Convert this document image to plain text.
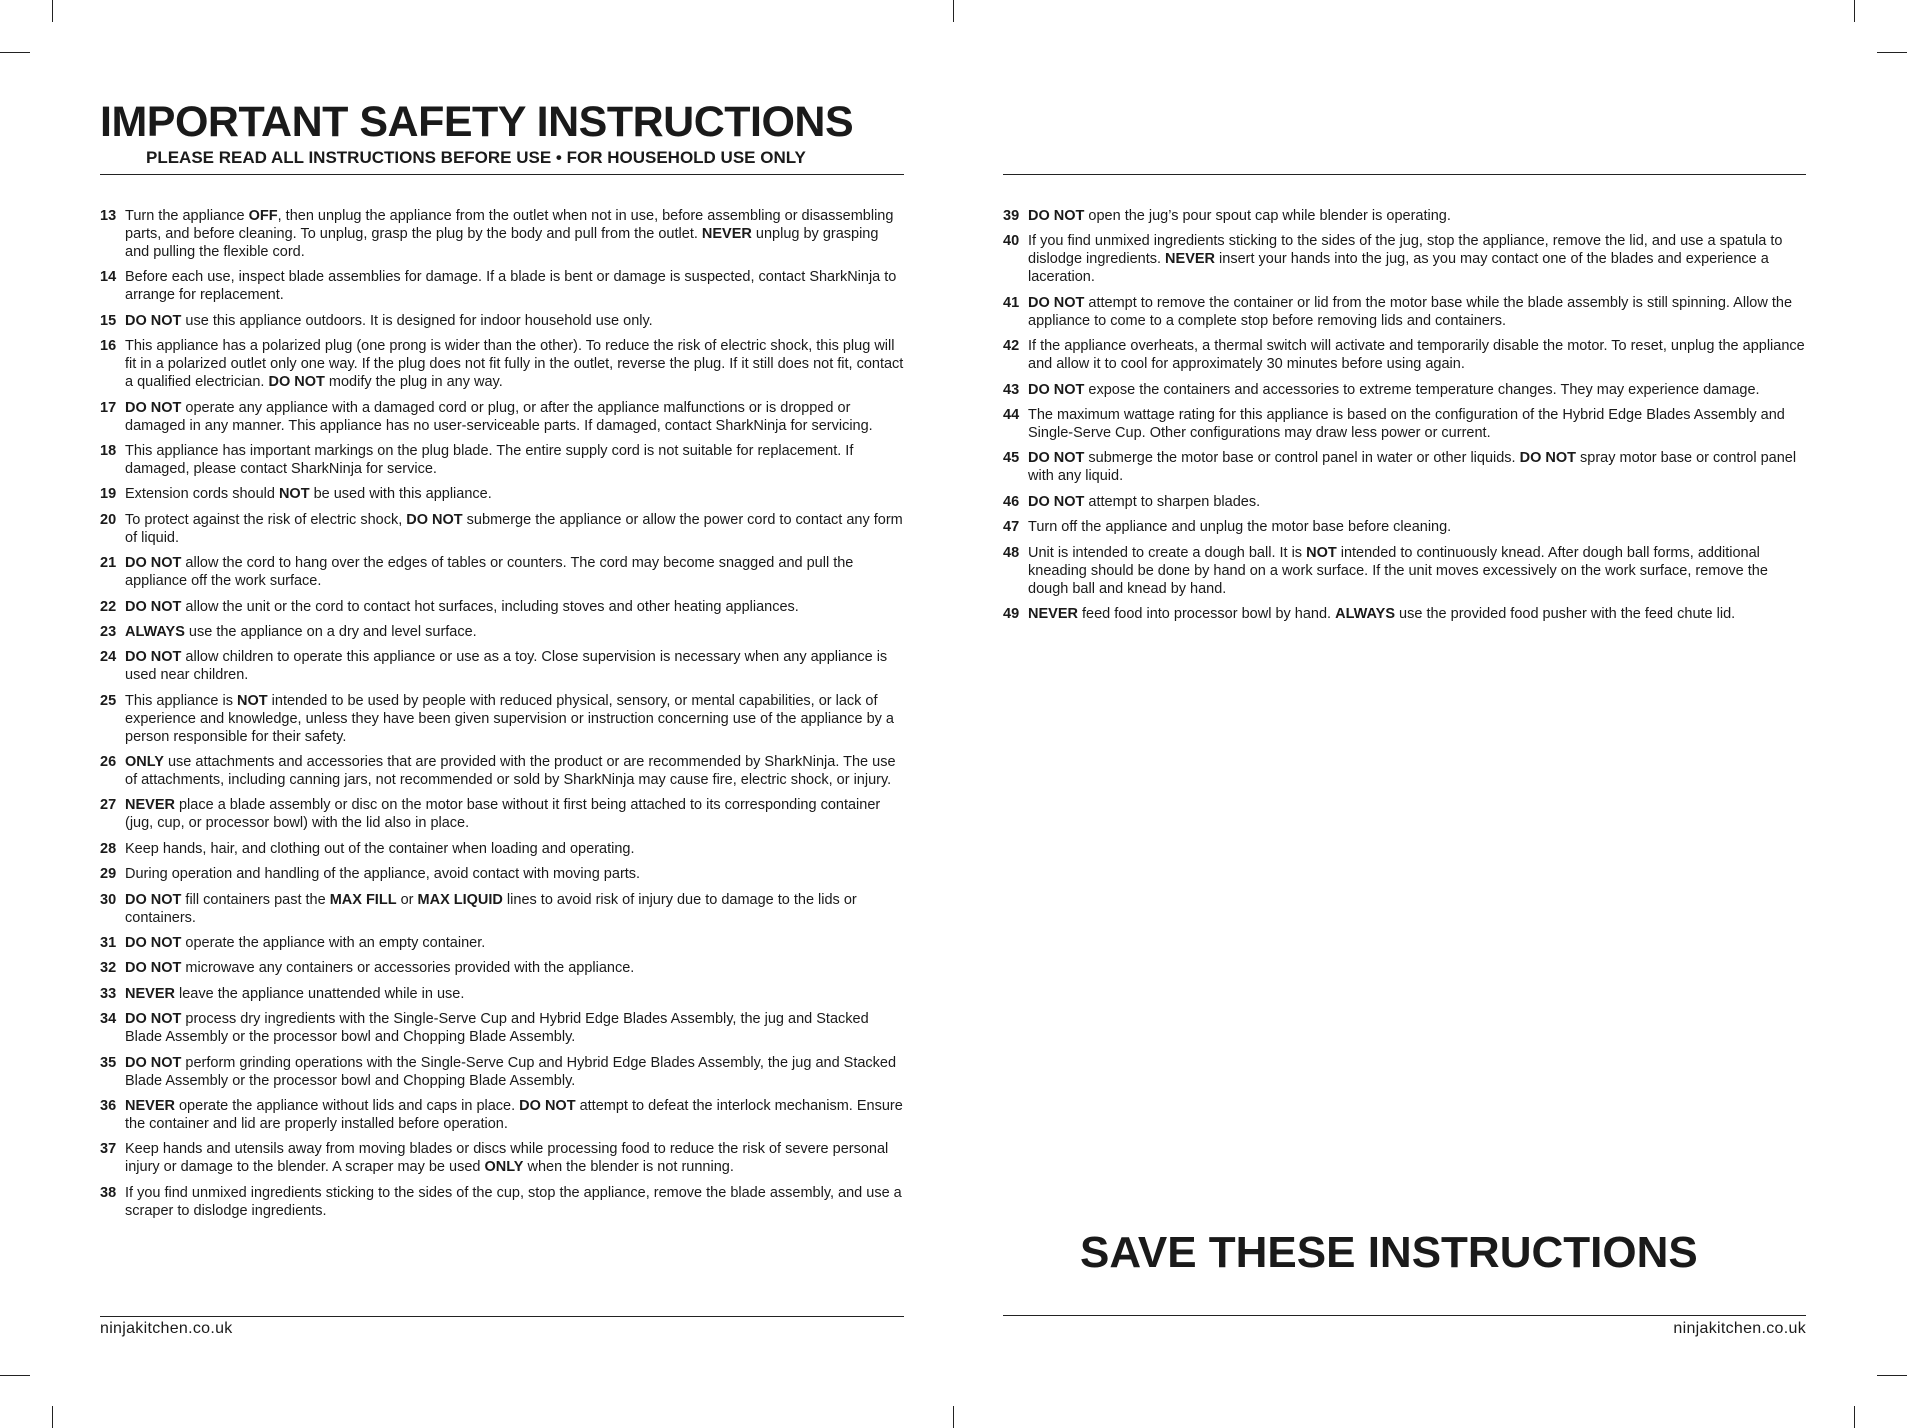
IMPORTANT SAFETY INSTRUCTIONS
PLEASE READ ALL INSTRUCTIONS BEFORE USE • FOR HOUSEHOLD USE ONLY
13 Turn the appliance OFF, then unplug the appliance from the outlet when not in use, before assembling or disassembling parts, and before cleaning. To unplug, grasp the plug by the body and pull from the outlet. NEVER unplug by grasping and pulling the flexible cord.
14 Before each use, inspect blade assemblies for damage. If a blade is bent or damage is suspected, contact SharkNinja to arrange for replacement.
15 DO NOT use this appliance outdoors. It is designed for indoor household use only.
16 This appliance has a polarized plug (one prong is wider than the other). To reduce the risk of electric shock, this plug will fit in a polarized outlet only one way. If the plug does not fit fully in the outlet, reverse the plug. If it still does not fit, contact a qualified electrician. DO NOT modify the plug in any way.
17 DO NOT operate any appliance with a damaged cord or plug, or after the appliance malfunctions or is dropped or damaged in any manner. This appliance has no user-serviceable parts. If damaged, contact SharkNinja for servicing.
18 This appliance has important markings on the plug blade. The entire supply cord is not suitable for replacement. If damaged, please contact SharkNinja for service.
19 Extension cords should NOT be used with this appliance.
20 To protect against the risk of electric shock, DO NOT submerge the appliance or allow the power cord to contact any form of liquid.
21 DO NOT allow the cord to hang over the edges of tables or counters. The cord may become snagged and pull the appliance off the work surface.
22 DO NOT allow the unit or the cord to contact hot surfaces, including stoves and other heating appliances.
23 ALWAYS use the appliance on a dry and level surface.
24 DO NOT allow children to operate this appliance or use as a toy. Close supervision is necessary when any appliance is used near children.
25 This appliance is NOT intended to be used by people with reduced physical, sensory, or mental capabilities, or lack of experience and knowledge, unless they have been given supervision or instruction concerning use of the appliance by a person responsible for their safety.
26 ONLY use attachments and accessories that are provided with the product or are recommended by SharkNinja. The use of attachments, including canning jars, not recommended or sold by SharkNinja may cause fire, electric shock, or injury.
27 NEVER place a blade assembly or disc on the motor base without it first being attached to its corresponding container (jug, cup, or processor bowl) with the lid also in place.
28 Keep hands, hair, and clothing out of the container when loading and operating.
29 During operation and handling of the appliance, avoid contact with moving parts.
30 DO NOT fill containers past the MAX FILL or MAX LIQUID lines to avoid risk of injury due to damage to the lids or containers.
31 DO NOT operate the appliance with an empty container.
32 DO NOT microwave any containers or accessories provided with the appliance.
33 NEVER leave the appliance unattended while in use.
34 DO NOT process dry ingredients with the Single-Serve Cup and Hybrid Edge Blades Assembly, the jug and Stacked Blade Assembly or the processor bowl and Chopping Blade Assembly.
35 DO NOT perform grinding operations with the Single-Serve Cup and Hybrid Edge Blades Assembly, the jug and Stacked Blade Assembly or the processor bowl and Chopping Blade Assembly.
36 NEVER operate the appliance without lids and caps in place. DO NOT attempt to defeat the interlock mechanism. Ensure the container and lid are properly installed before operation.
37 Keep hands and utensils away from moving blades or discs while processing food to reduce the risk of severe personal injury or damage to the blender. A scraper may be used ONLY when the blender is not running.
38 If you find unmixed ingredients sticking to the sides of the cup, stop the appliance, remove the blade assembly, and use a scraper to dislodge ingredients.
ninjakitchen.co.uk
39 DO NOT open the jug’s pour spout cap while blender is operating.
40 If you find unmixed ingredients sticking to the sides of the jug, stop the appliance, remove the lid, and use a spatula to dislodge ingredients. NEVER insert your hands into the jug, as you may contact one of the blades and experience a laceration.
41 DO NOT attempt to remove the container or lid from the motor base while the blade assembly is still spinning. Allow the appliance to come to a complete stop before removing lids and containers.
42 If the appliance overheats, a thermal switch will activate and temporarily disable the motor. To reset, unplug the appliance and allow it to cool for approximately 30 minutes before using again.
43 DO NOT expose the containers and accessories to extreme temperature changes. They may experience damage.
44 The maximum wattage rating for this appliance is based on the configuration of the Hybrid Edge Blades Assembly and Single-Serve Cup. Other configurations may draw less power or current.
45 DO NOT submerge the motor base or control panel in water or other liquids. DO NOT spray motor base or control panel with any liquid.
46 DO NOT attempt to sharpen blades.
47 Turn off the appliance and unplug the motor base before cleaning.
48 Unit is intended to create a dough ball. It is NOT intended to continuously knead. After dough ball forms, additional kneading should be done by hand on a work surface. If the unit moves excessively on the work surface, remove the dough ball and knead by hand.
49 NEVER feed food into processor bowl by hand. ALWAYS use the provided food pusher with the feed chute lid.
SAVE THESE INSTRUCTIONS
ninjakitchen.co.uk
